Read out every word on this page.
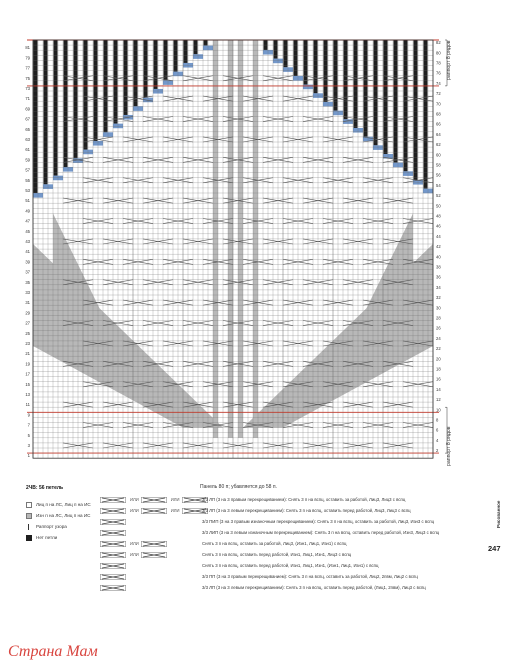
81
79
77
75
73
71
69
67
65
63
61
59
57
55
53
51
49
47
45
43
41
39
37
35
33
31
29
27
25
23
21
19
17
15
13
11
9
7
5
3
1
82
80
78
76
74
72
70
68
66
64
62
60
58
56
54
52
50
48
46
44
42
40
38
36
34
32
30
28
26
24
22
20
18
16
14
12
10
8
6
4
2
раппорт 8 рядов
раппорт 8 рядов
2ЧВ: 56 петель	Панель 80 п; убавляется до 58 п.
Лиц п на ЛС, Лиц п на ИС
Изн п на ЛС, Лиц п на ИС
Раппорт узора
Нет петли
ИЛИ	ИЛИ	3/3 ЛП (3 на 3 правым перекрещиванием): Снять 3 п на вспц, оставить за работой, Лиц3, Лиц3 с вспц
ИЛИ	ИЛИ	3/3 ЛП (3 на 3 левым перекрещиванием): Снять 3 п на вспц, оставить перед работой, Лиц3, Лиц3 с вспц
3/3 ПИП (3 на 3 правым изнаночным перекрещиванием): Снять 3 п на вспц, оставить за работой, Лиц3, Изн3 с вспц
3/3 ЛИП (3 на 3 левым изнаночным перекрещиванием): Снять 3 п на вспц, оставить перед работой, Изн3, Лиц3 с вспц
ИЛИ	Снять 3 п на вспц, оставить за работой, Лиц3, (Изн1, Лиц1, Изн1) с вспц
ИЛИ	Снять 3 п на вспц, оставить перед работой, Изн1, Лиц1, Изн1, Лиц3 с вспц
Снять 3 п на вспц, оставить перед работой, Изн1, Лиц1, Изн1, (Изн1, Лиц1, Изн1) с вспц
3/3 ПП (3 на 3 правым перекрещиванием): Снять 3 п на вспц, оставить за работой, Лиц2, 2пвм, Лиц2 с вспц
3/3 ЛП (3 на 3 левым перекрещиванием): Снять 3 п на вспц, оставить перед работой, (Лиц1, 2пвм), Лиц3 с вспц
Рисованное
247
Страна Мам
